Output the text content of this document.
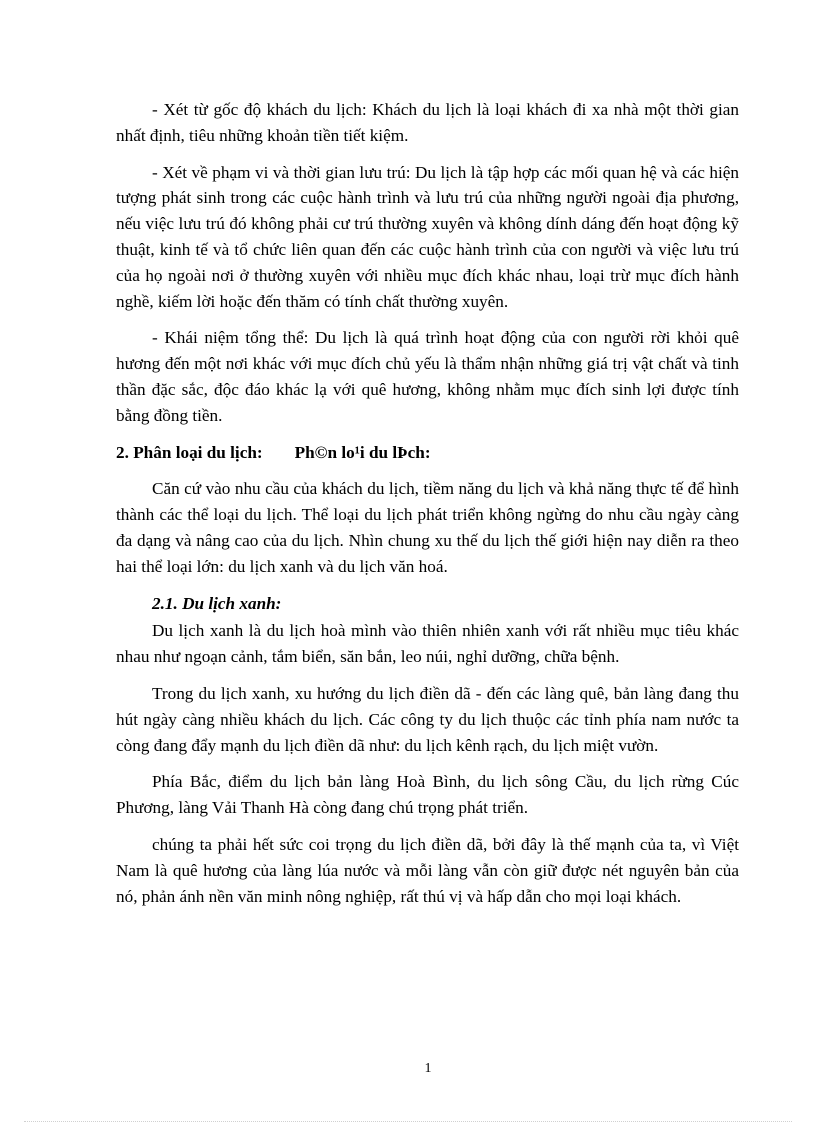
- Xét từ gốc độ khách du lịch: Khách du lịch là loại khách đi xa nhà một thời gian nhất định, tiêu những khoản tiền tiết kiệm.

- Xét về phạm vi và thời gian lưu trú: Du lịch là tập hợp các mối quan hệ và các hiện tượng phát sinh trong các cuộc hành trình và lưu trú của những người ngoài địa phương, nếu việc lưu trú đó không phải cư trú thường xuyên và không dính dáng đến hoạt động kỹ thuật, kinh tế và tổ chức liên quan đến các cuộc hành trình của con người và việc lưu trú của họ ngoài nơi ở thường xuyên với nhiều mục đích khác nhau, loại trừ mục đích hành nghề, kiếm lời hoặc đến thăm có tính chất thường xuyên.

- Khái niệm tổng thể: Du lịch là quá trình hoạt động của con người rời khỏi quê hương đến một nơi khác với mục đích chủ yếu là thẩm nhận những giá trị vật chất và tinh thần đặc sắc, độc đáo khác lạ với quê hương, không nhằm mục đích sinh lợi được tính bằng đồng tiền.

2. Phân loại du lịch: Ph©n lo¹i du lÞch:

Căn cứ vào nhu cầu của khách du lịch, tiềm năng du lịch và khả năng thực tế để hình thành các thể loại du lịch. Thể loại du lịch phát triển không ngừng do nhu cầu ngày càng đa dạng và nâng cao của du lịch. Nhìn chung xu thế du lịch thế giới hiện nay diễn ra theo hai thể loại lớn: du lịch xanh và du lịch văn hoá.

2.1. Du lịch xanh:

Du lịch xanh là du lịch hoà mình vào thiên nhiên xanh với rất nhiều mục tiêu khác nhau như ngoạn cảnh, tắm biển, săn bắn, leo núi, nghỉ dưỡng, chữa bệnh.

Trong du lịch xanh, xu hướng du lịch điền dã - đến các làng quê, bản làng đang thu hút ngày càng nhiều khách du lịch. Các công ty du lịch thuộc các tỉnh phía nam nước ta còng đang đẩy mạnh du lịch điền dã như: du lịch kênh rạch, du lịch miệt vườn.

Phía Bắc, điểm du lịch bản làng Hoà Bình, du lịch sông Cầu, du lịch rừng Cúc Phương, làng Vải Thanh Hà còng đang chú trọng phát triển.

chúng ta phải hết sức coi trọng du lịch điền dã, bởi đây là thế mạnh của ta, vì Việt Nam là quê hương của làng lúa nước và mỗi làng vẫn còn giữ được nét nguyên bản của nó, phản ánh nền văn minh nông nghiệp, rất thú vị và hấp dẫn cho mọi loại khách.

1
